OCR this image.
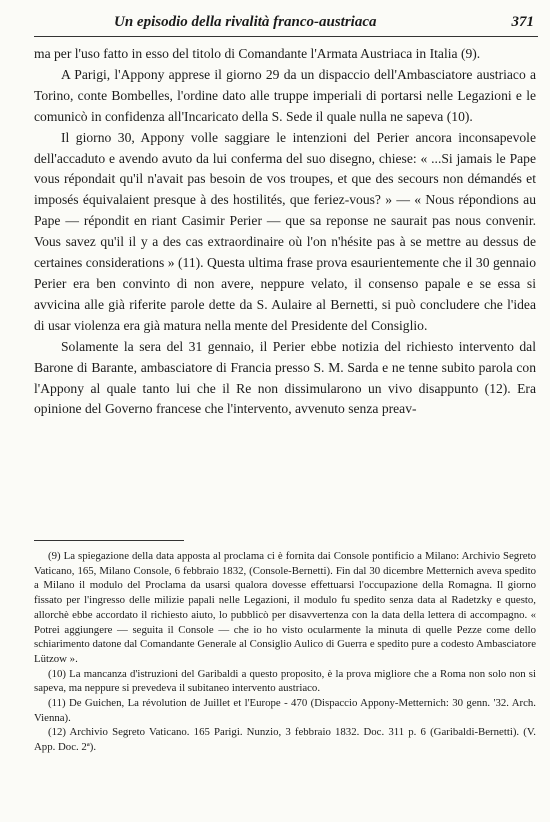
Un episodio della rivalità franco-austriaca	371

ma per l'uso fatto in esso del titolo di Comandante l'Armata Austriaca in Italia (9).

A Parigi, l'Appony apprese il giorno 29 da un dispaccio dell'Ambasciatore austriaco a Torino, conte Bombelles, l'ordine dato alle truppe imperiali di portarsi nelle Legazioni e le comunicò in confidenza all'Incaricato della S. Sede il quale nulla ne sapeva (10).

Il giorno 30, Appony volle saggiare le intenzioni del Perier ancora inconsapevole dell'accaduto e avendo avuto da lui conferma del suo disegno, chiese: « ...Si jamais le Pape vous répondait qu'il n'avait pas besoin de vos troupes, et que des secours non démandés et imposés équivalaient presque à des hostilités, que feriez-vous? » — « Nous répondions au Pape — répondit en riant Casimir Perier — que sa reponse ne saurait pas nous convenir. Vous savez qu'il il y a des cas extraordinaire où l'on n'hésite pas à se mettre au dessus de certaines considerations » (11). Questa ultima frase prova esaurientemente che il 30 gennaio Perier era ben convinto di non avere, neppure velato, il consenso papale e se essa si avvicina alle già riferite parole dette da S. Aulaire al Bernetti, si può concludere che l'idea di usar violenza era già matura nella mente del Presidente del Consiglio.

Solamente la sera del 31 gennaio, il Perier ebbe notizia del richiesto intervento dal Barone di Barante, ambasciatore di Francia presso S. M. Sarda e ne tenne subito parola con l'Appony al quale tanto lui che il Re non dissimularono un vivo disappunto (12). Era opinione del Governo francese che l'intervento, avvenuto senza preav-

(9) La spiegazione della data apposta al proclama ci è fornita dai Console pontificio a Milano: Archivio Segreto Vaticano, 165, Milano Console, 6 febbraio 1832, (Console-Bernetti). Fin dal 30 dicembre Metternich aveva spedito a Milano il modulo del Proclama da usarsi qualora dovesse effettuarsi l'occupazione della Romagna. Il giorno fissato per l'ingresso delle milizie papali nelle Legazioni, il modulo fu spedito senza data al Radetzky e questo, allorchè ebbe accordato il richiesto aiuto, lo pubblicò per disavvertenza con la data della lettera di accompagno. « Potrei aggiungere — seguita il Console — che io ho visto ocularmente la minuta di quelle Pezze come dello schiarimento datone dal Comandante Generale al Consiglio Aulico di Guerra e spedito pure a codesto Ambasciatore Lützow ».

(10) La mancanza d'istruzioni del Garibaldi a questo proposito, è la prova migliore che a Roma non solo non si sapeva, ma neppure si prevedeva il subitaneo intervento austriaco.

(11) De Guichen, La révolution de Juillet et l'Europe - 470 (Dispaccio Appony-Metternich: 30 genn. '32. Arch. Vienna).

(12) Archivio Segreto Vaticano. 165 Parigi. Nunzio, 3 febbraio 1832. Doc. 311 p. 6 (Garibaldi-Bernetti). (V. App. Doc. 2ª).
